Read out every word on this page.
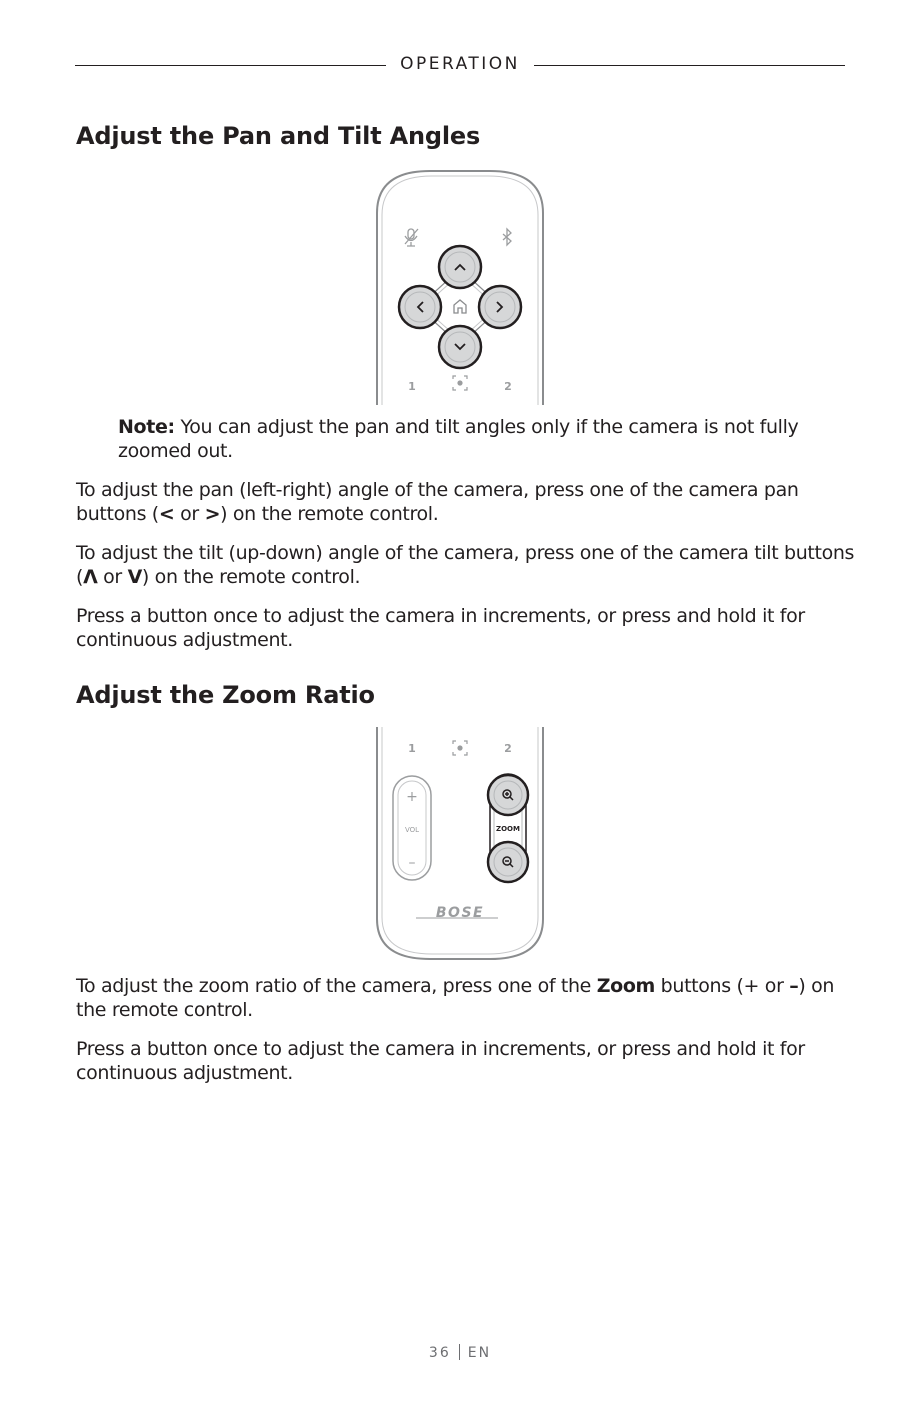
OPERATION
Adjust the Pan and Tilt Angles
1	2

Note: You can adjust the pan and tilt angles only if the camera is not fully zoomed out.

To adjust the pan (left-right) angle of the camera, press one of the camera pan buttons (< or >) on the remote control.

To adjust the tilt (up-down) angle of the camera, press one of the camera tilt buttons (Λ or V) on the remote control.

Press a button once to adjust the camera in increments, or press and hold it for continuous adjustment.

Adjust the Zoom Ratio
1	2
+
VOL
–
ZOOM
BOSE

To adjust the zoom ratio of the camera, press one of the Zoom buttons (+ or –) on the remote control.

Press a button once to adjust the camera in increments, or press and hold it for continuous adjustment.

36 EN
